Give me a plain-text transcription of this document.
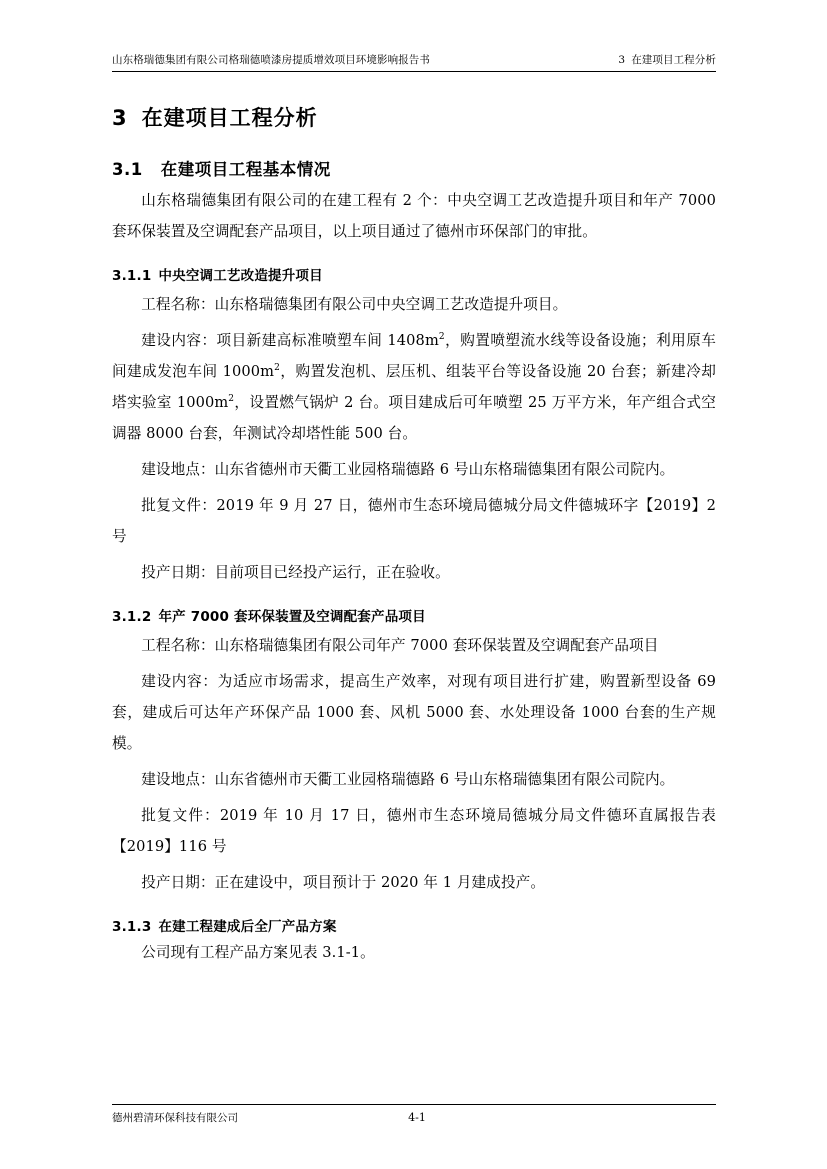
山东格瑞德集团有限公司格瑞德喷漆房提质增效项目环境影响报告书	3 在建项目工程分析
3 在建项目工程分析
3.1 在建项目工程基本情况

山东格瑞德集团有限公司的在建工程有 2 个：中央空调工艺改造提升项目和年产 7000 套环保装置及空调配套产品项目，以上项目通过了德州市环保部门的审批。

3.1.1 中央空调工艺改造提升项目

工程名称：山东格瑞德集团有限公司中央空调工艺改造提升项目。

建设内容：项目新建高标准喷塑车间 $1408m^2$，购置喷塑流水线等设备设施；利用原车间建成发泡车间 $1000m^2$，购置发泡机、层压机、组装平台等设备设施 20 台套；新建冷却塔实验室 $1000m^2$，设置燃气锅炉 2 台。项目建成后可年喷塑 25 万平方米，年产组合式空调器 8000 台套，年测试冷却塔性能 500 台。

建设地点：山东省德州市天衢工业园格瑞德路 6 号山东格瑞德集团有限公司院内。

批复文件：2019 年 9 月 27 日，德州市生态环境局德城分局文件德城环字【2019】2 号

投产日期：目前项目已经投产运行，正在验收。

3.1.2 年产 7000 套环保装置及空调配套产品项目

工程名称：山东格瑞德集团有限公司年产 7000 套环保装置及空调配套产品项目

建设内容：为适应市场需求，提高生产效率，对现有项目进行扩建，购置新型设备 69 套，建成后可达年产环保产品 1000 套、风机 5000 套、水处理设备 1000 台套的生产规模。

建设地点：山东省德州市天衢工业园格瑞德路 6 号山东格瑞德集团有限公司院内。

批复文件：2019 年 10 月 17 日，德州市生态环境局德城分局文件德环直属报告表【2019】116 号

投产日期：正在建设中，项目预计于 2020 年 1 月建成投产。

3.1.3 在建工程建成后全厂产品方案

公司现有工程产品方案见表 3.1-1。

德州碧清环保科技有限公司	4-1
